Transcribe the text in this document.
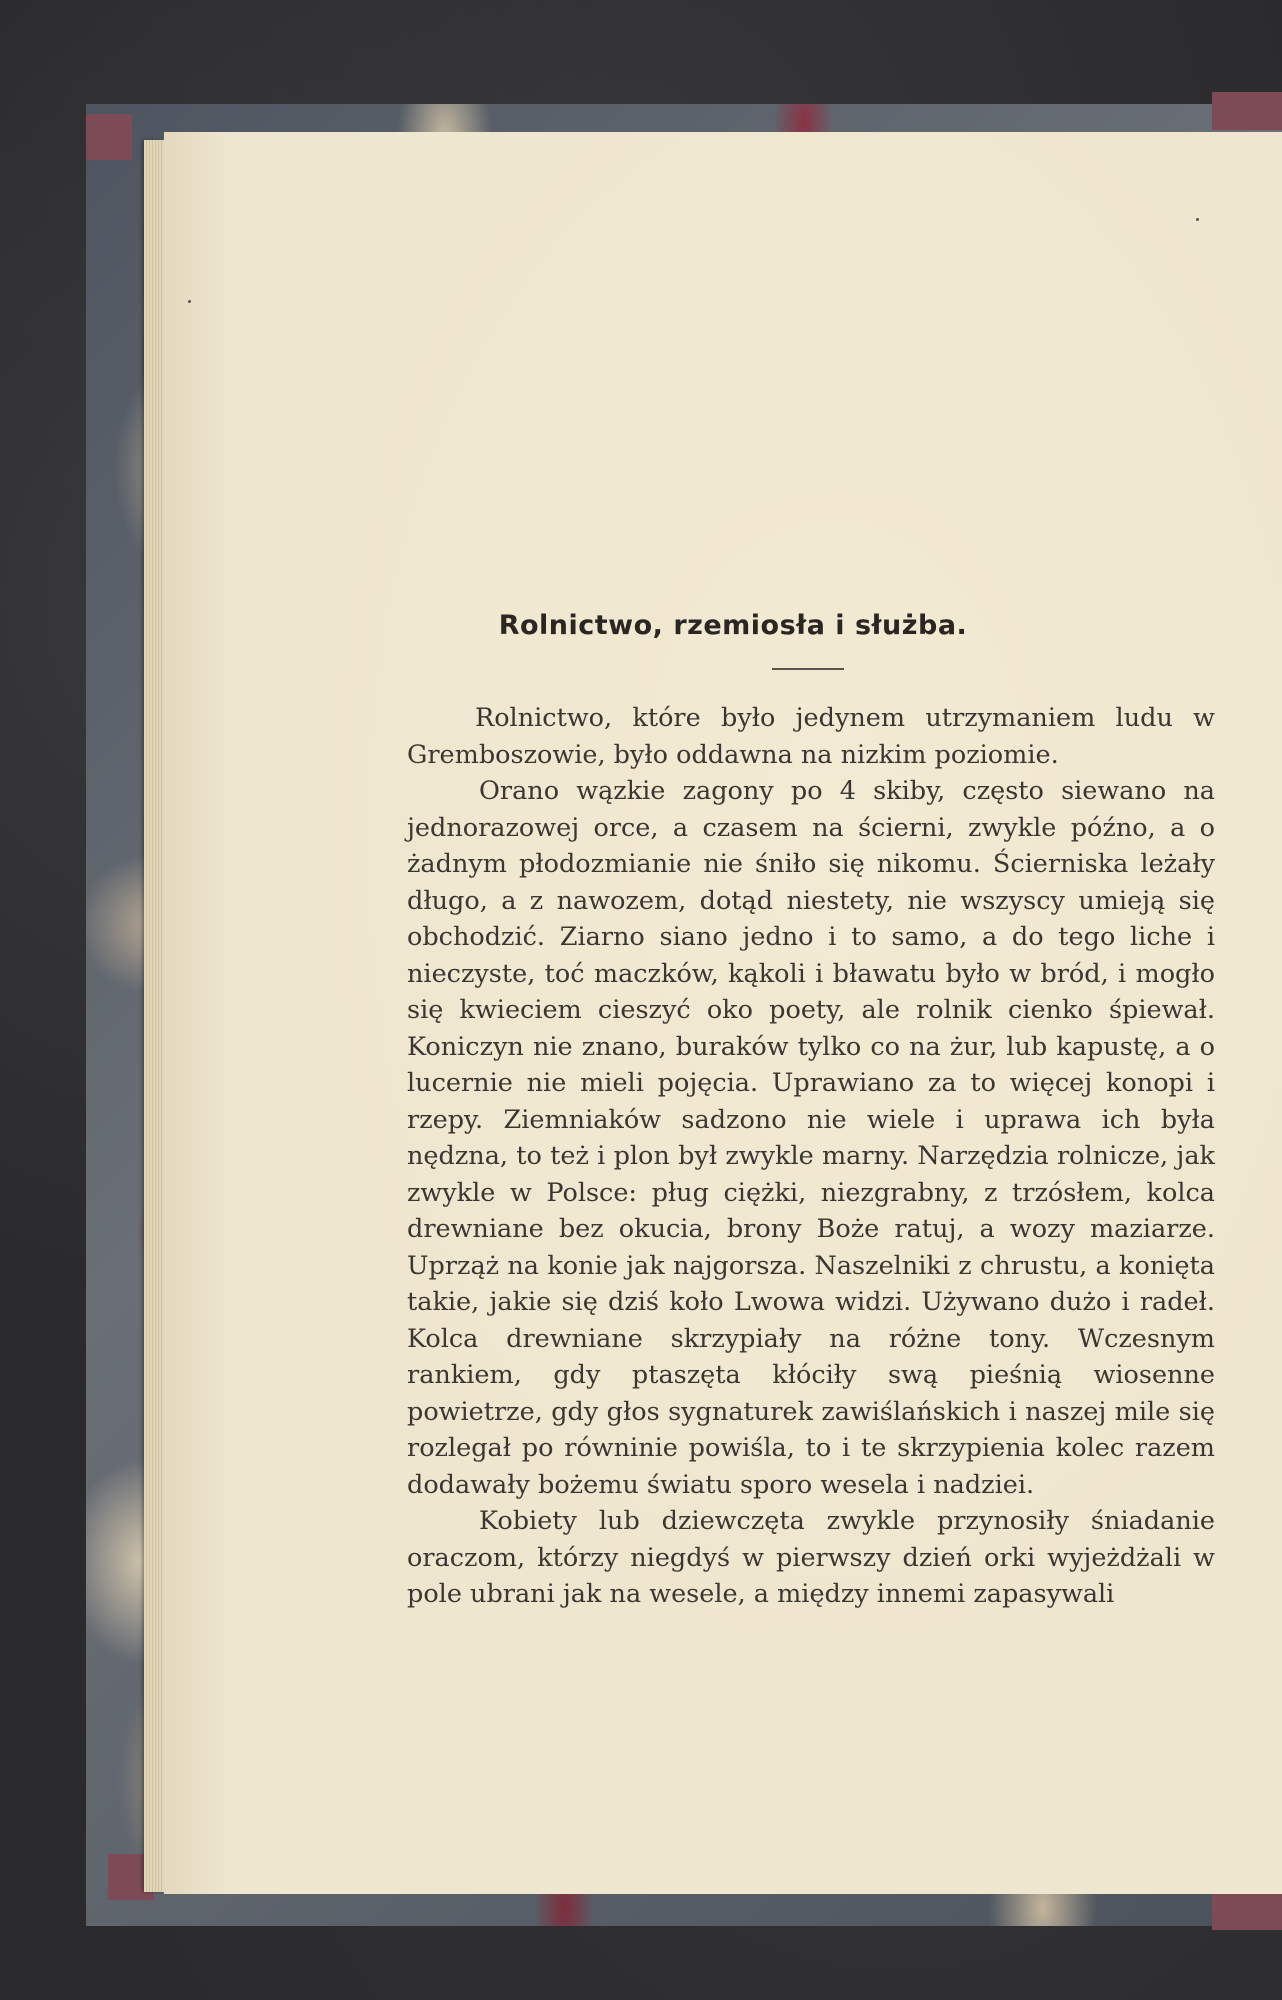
Rolnictwo, rzemiosła i służba.

Rolnictwo, które było jedynem utrzymaniem ludu w Gremboszowie, było oddawna na nizkim poziomie.

Orano wązkie zagony po 4 skiby, często siewano na jednorazowej orce, a czasem na ścierni, zwykle późno, a o żadnym płodozmianie nie śniło się nikomu. Ścierniska leżały długo, a z nawozem, dotąd niestety, nie wszyscy umieją się obchodzić. Ziarno siano jedno i to samo, a do tego liche i nieczyste, toć maczków, kąkoli i bławatu było w bród, i mogło się kwieciem cieszyć oko poety, ale rolnik cienko śpiewał. Koniczyn nie znano, buraków tylko co na żur, lub kapustę, a o lucernie nie mieli pojęcia. Uprawiano za to więcej konopi i rzepy. Ziemniaków sadzono nie wiele i uprawa ich była nędzna, to też i plon był zwykle marny. Narzędzia rolnicze, jak zwykle w Polsce: pług ciężki, niezgrabny, z trzósłem, kolca drewniane bez okucia, brony Boże ratuj, a wozy maziarze. Uprząż na konie jak najgorsza. Naszelniki z chrustu, a konięta takie, jakie się dziś koło Lwowa widzi. Używano dużo i radeł. Kolca drewniane skrzypiały na różne tony. Wczesnym rankiem, gdy ptaszęta kłóciły swą pieśnią wiosenne powietrze, gdy głos sygnaturek zawiślańskich i naszej mile się rozlegał po równinie powiśla, to i te skrzypienia kolec razem dodawały bożemu światu sporo wesela i nadziei.

Kobiety lub dziewczęta zwykle przynosiły śniadanie oraczom, którzy niegdyś w pierwszy dzień orki wyjeżdżali w pole ubrani jak na wesele, a między innemi zapasywali
